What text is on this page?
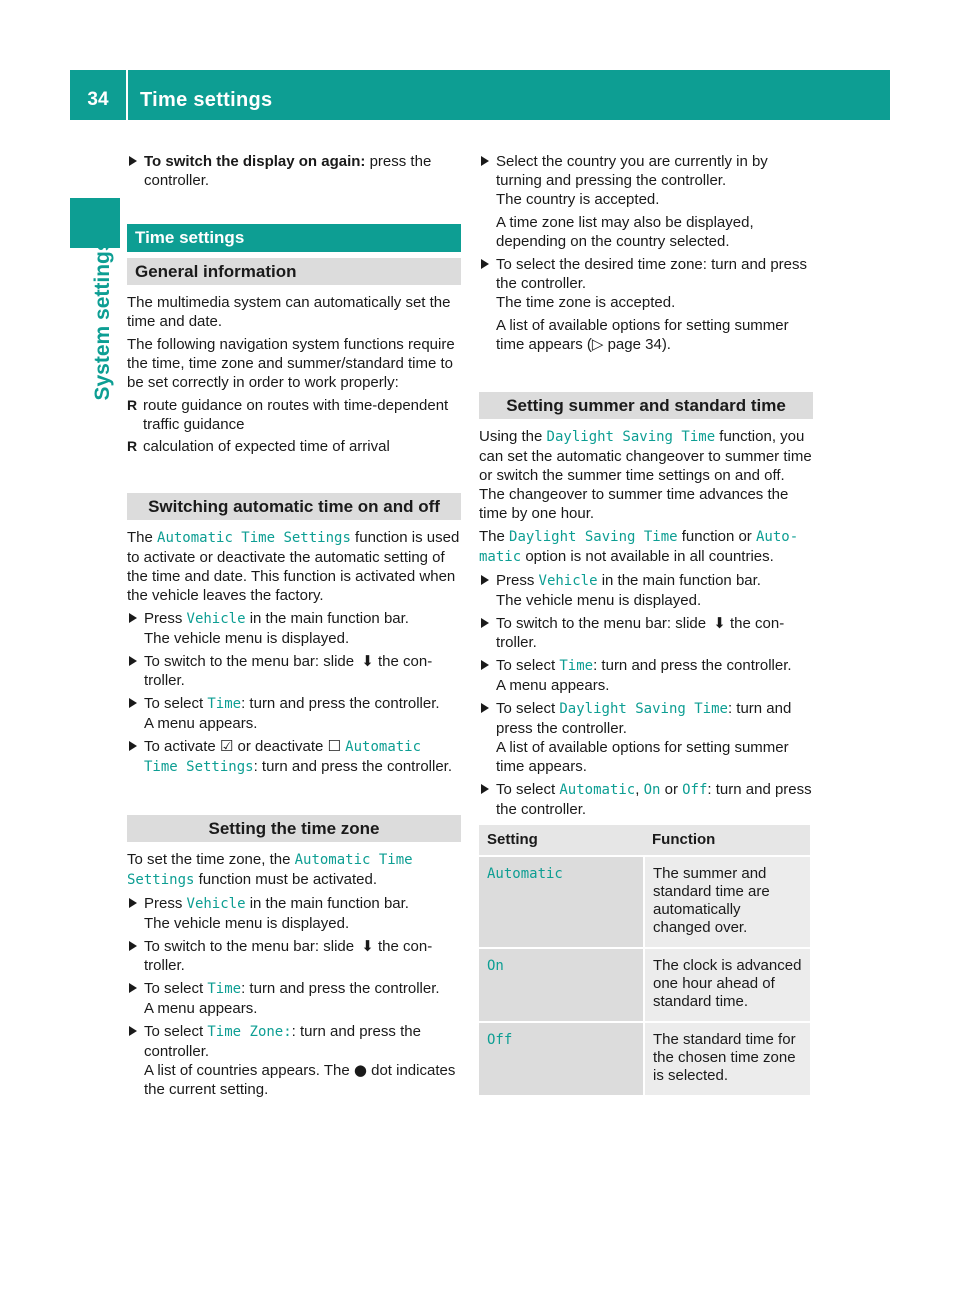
34	Time settings
System settings
To switch the display on again: press the controller.
Time settings
General information

The multimedia system can automatically set the time and date.

The following navigation system functions require the time, time zone and summer/standard time to be set correctly in order to work properly:

R route guidance on routes with time-dependent traffic guidance
R calculation of expected time of arrival
Switching automatic time on and off

The Automatic Time Settings function is used to activate or deactivate the automatic setting of the time and date. This function is activated when the vehicle leaves the factory.

Press Vehicle in the main function bar.
The vehicle menu is displayed.
To switch to the menu bar: slide  ⬇ the controller.
To select Time: turn and press the controller.
A menu appears.
To activate ☑ or deactivate ☐ Automatic Time Settings: turn and press the controller.
Setting the time zone

To set the time zone, the Automatic Time Settings function must be activated.

Press Vehicle in the main function bar.
The vehicle menu is displayed.
To switch to the menu bar: slide  ⬇ the controller.
To select Time: turn and press the controller.
A menu appears.
To select Time Zone:: turn and press the controller.
A list of countries appears. The ● dot indicates the current setting.
Select the country you are currently in by turning and pressing the controller.
The country is accepted.
A time zone list may also be displayed, depending on the country selected.
To select the desired time zone: turn and press the controller.
The time zone is accepted.
A list of available options for setting summer time appears (▷ page 34).
Setting summer and standard time

Using the Daylight Saving Time function, you can set the automatic changeover to summer time or switch the summer time settings on and off. The changeover to summer time advances the time by one hour.

The Daylight Saving Time function or Automatic option is not available in all countries.

Press Vehicle in the main function bar.
The vehicle menu is displayed.
To switch to the menu bar: slide  ⬇ the controller.
To select Time: turn and press the controller.
A menu appears.
To select Daylight Saving Time: turn and press the controller.
A list of available options for setting summer time appears.
To select Automatic, On or Off: turn and press the controller.
Setting	Function
Automatic	The summer and standard time are automatically changed over.
On	The clock is advanced one hour ahead of standard time.
Off	The standard time for the chosen time zone is selected.
